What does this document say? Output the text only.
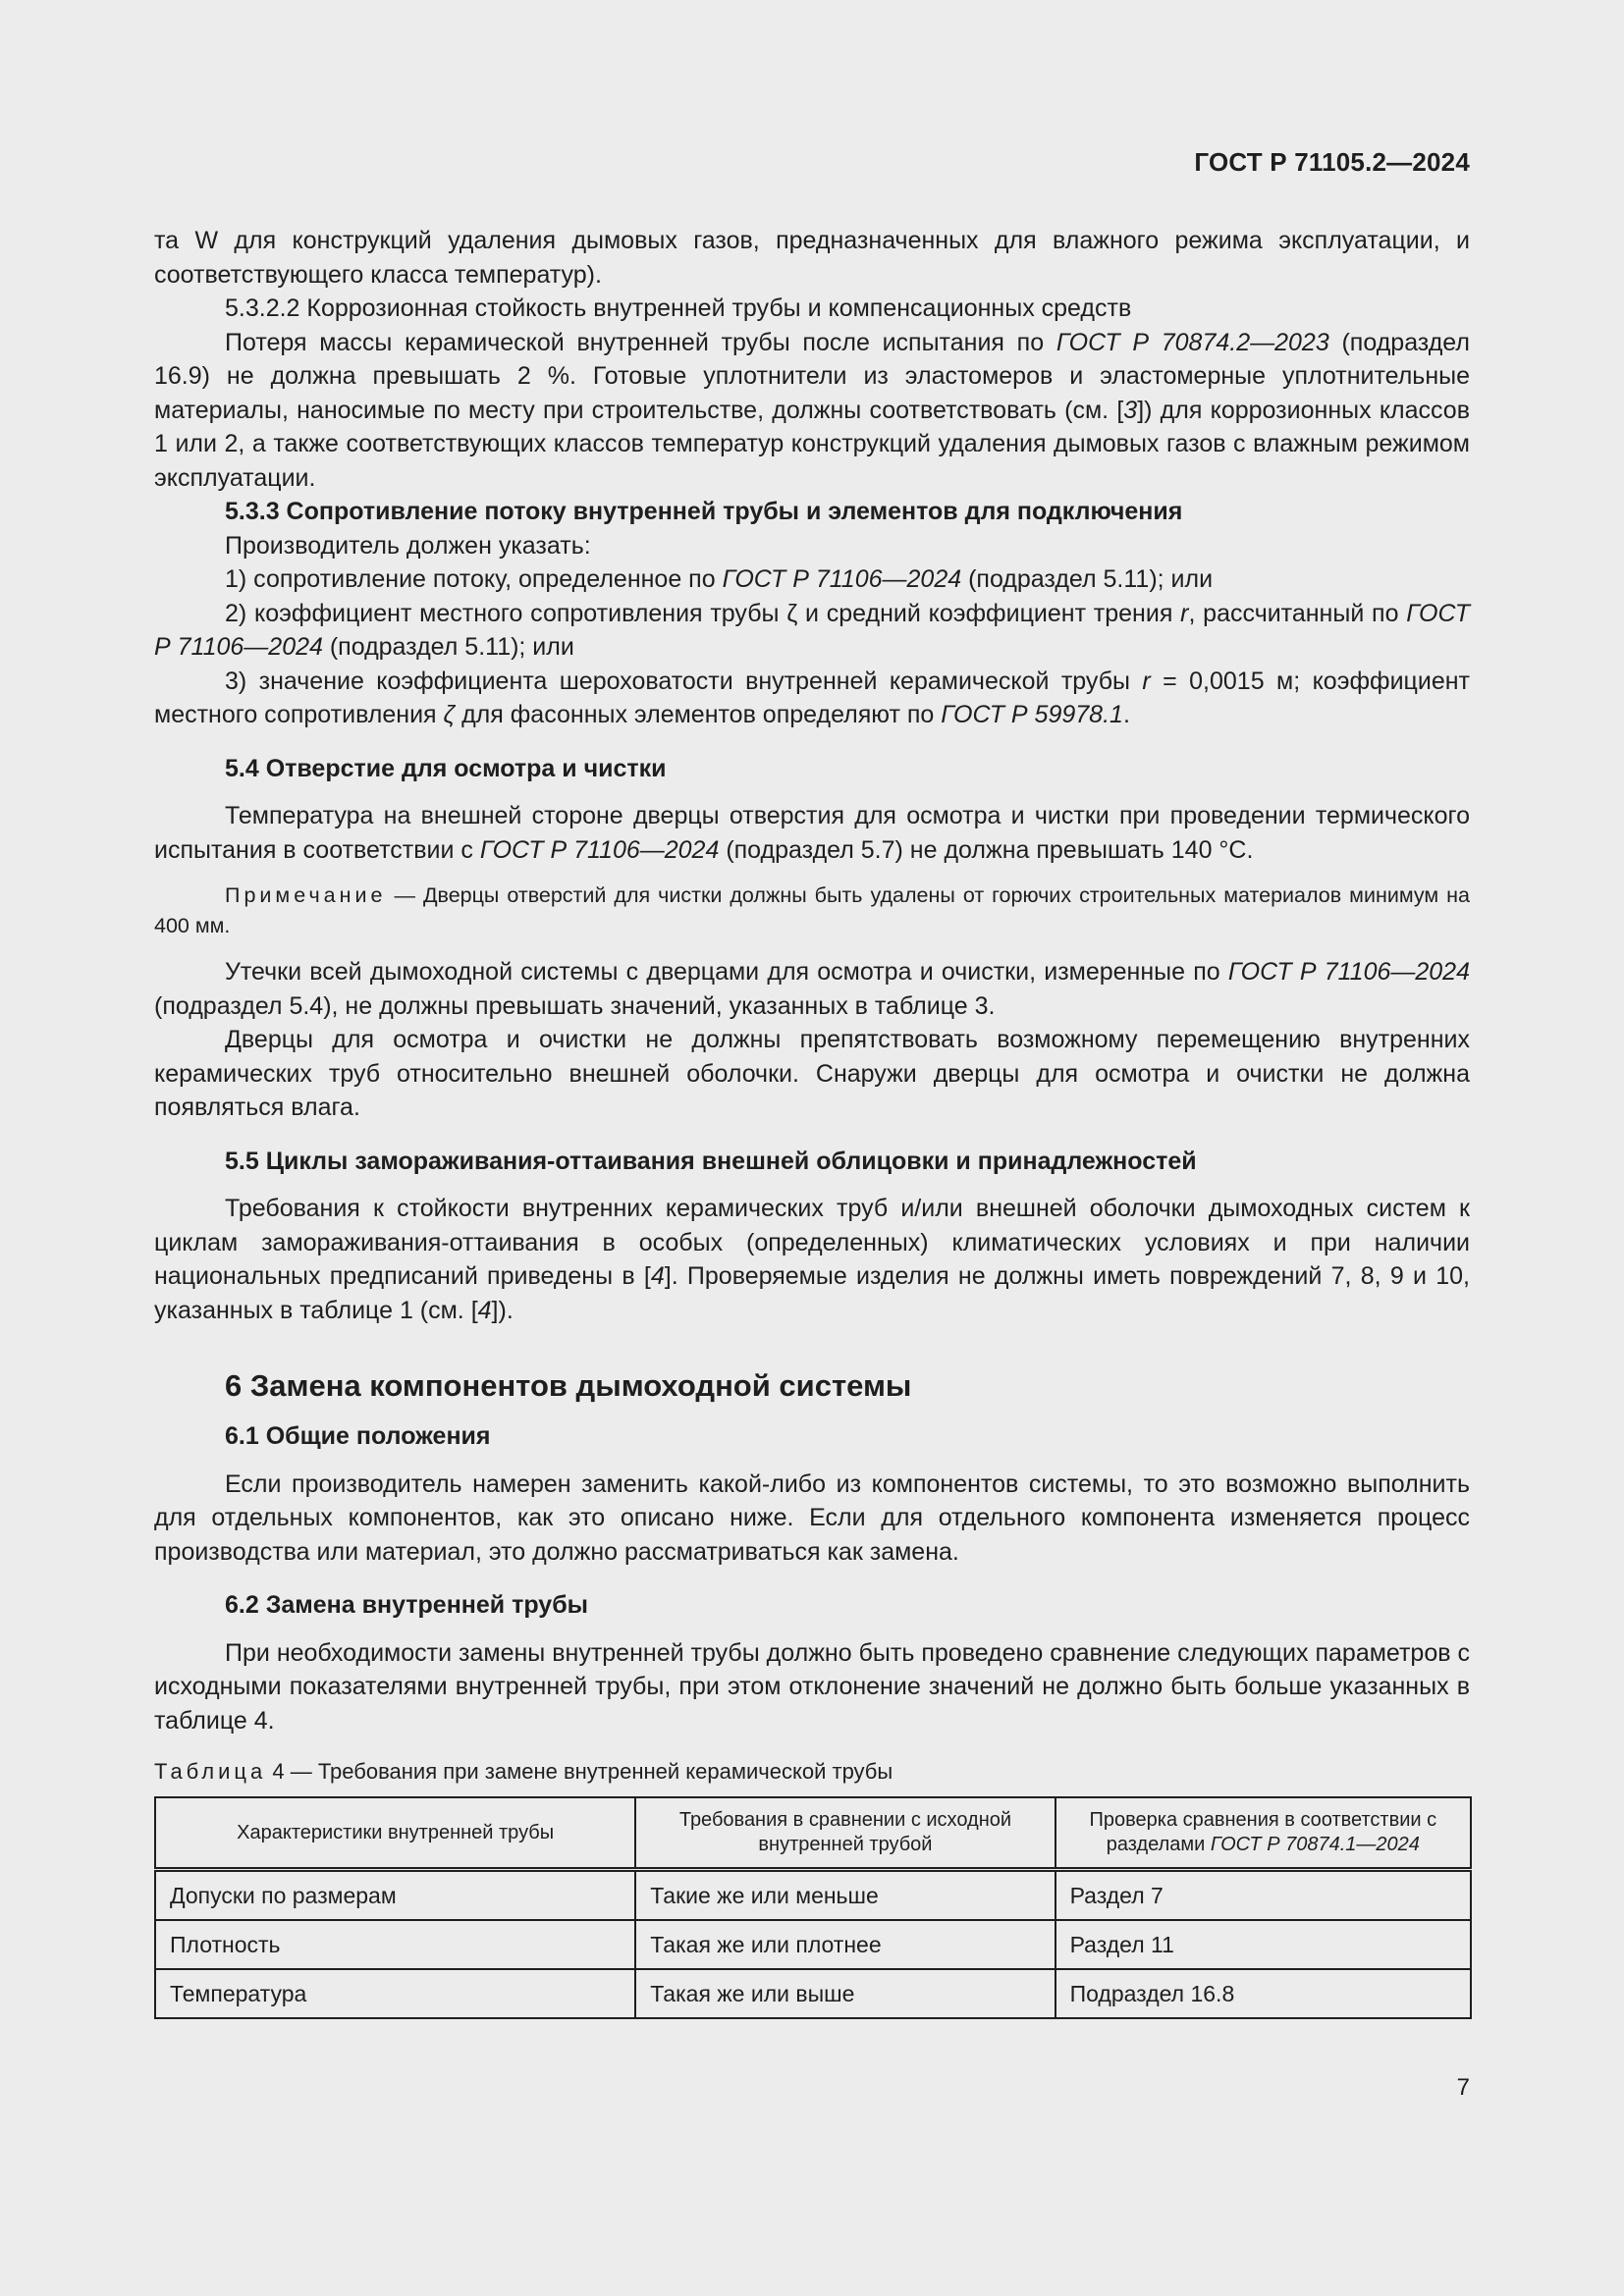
ГОСТ Р 71105.2—2024

та W для конструкций удаления дымовых газов, предназначенных для влажного режима эксплуатации, и соответствующего класса температур).

5.3.2.2 Коррозионная стойкость внутренней трубы и компенсационных средств

Потеря массы керамической внутренней трубы после испытания по ГОСТ Р 70874.2—2023 (подраздел 16.9) не должна превышать 2 %. Готовые уплотнители из эластомеров и эластомерные уплотнительные материалы, наносимые по месту при строительстве, должны соответствовать (см. [3]) для коррозионных классов 1 или 2, а также соответствующих классов температур конструкций удаления дымовых газов с влажным режимом эксплуатации.

5.3.3 Сопротивление потоку внутренней трубы и элементов для подключения

Производитель должен указать:

1) сопротивление потоку, определенное по ГОСТ Р 71106—2024 (подраздел 5.11); или

2) коэффициент местного сопротивления трубы ζ и средний коэффициент трения r, рассчитанный по ГОСТ Р 71106—2024 (подраздел 5.11); или

3) значение коэффициента шероховатости внутренней керамической трубы r = 0,0015 м; коэффициент местного сопротивления ζ для фасонных элементов определяют по ГОСТ Р 59978.1.

5.4 Отверстие для осмотра и чистки

Температура на внешней стороне дверцы отверстия для осмотра и чистки при проведении термического испытания в соответствии с ГОСТ Р 71106—2024 (подраздел 5.7) не должна превышать 140 °С.

Примечание — Дверцы отверстий для чистки должны быть удалены от горючих строительных материалов минимум на 400 мм.

Утечки всей дымоходной системы с дверцами для осмотра и очистки, измеренные по ГОСТ Р 71106—2024 (подраздел 5.4), не должны превышать значений, указанных в таблице 3.

Дверцы для осмотра и очистки не должны препятствовать возможному перемещению внутренних керамических труб относительно внешней оболочки. Снаружи дверцы для осмотра и очистки не должна появляться влага.

5.5 Циклы замораживания-оттаивания внешней облицовки и принадлежностей

Требования к стойкости внутренних керамических труб и/или внешней оболочки дымоходных систем к циклам замораживания-оттаивания в особых (определенных) климатических условиях и при наличии национальных предписаний приведены в [4]. Проверяемые изделия не должны иметь повреждений 7, 8, 9 и 10, указанных в таблице 1 (см. [4]).

6 Замена компонентов дымоходной системы

6.1 Общие положения

Если производитель намерен заменить какой-либо из компонентов системы, то это возможно выполнить для отдельных компонентов, как это описано ниже. Если для отдельного компонента изменяется процесс производства или материал, это должно рассматриваться как замена.

6.2 Замена внутренней трубы

При необходимости замены внутренней трубы должно быть проведено сравнение следующих параметров с исходными показателями внутренней трубы, при этом отклонение значений не должно быть больше указанных в таблице 4.

Таблица 4 — Требования при замене внутренней керамической трубы

Характеристики внутренней трубы	Требования в сравнении с исходной внутренней трубой	Проверка сравнения в соответствии с разделами ГОСТ Р 70874.1—2024
Допуски по размерам	Такие же или меньше	Раздел 7
Плотность	Такая же или плотнее	Раздел 11
Температура	Такая же или выше	Подраздел 16.8
7
